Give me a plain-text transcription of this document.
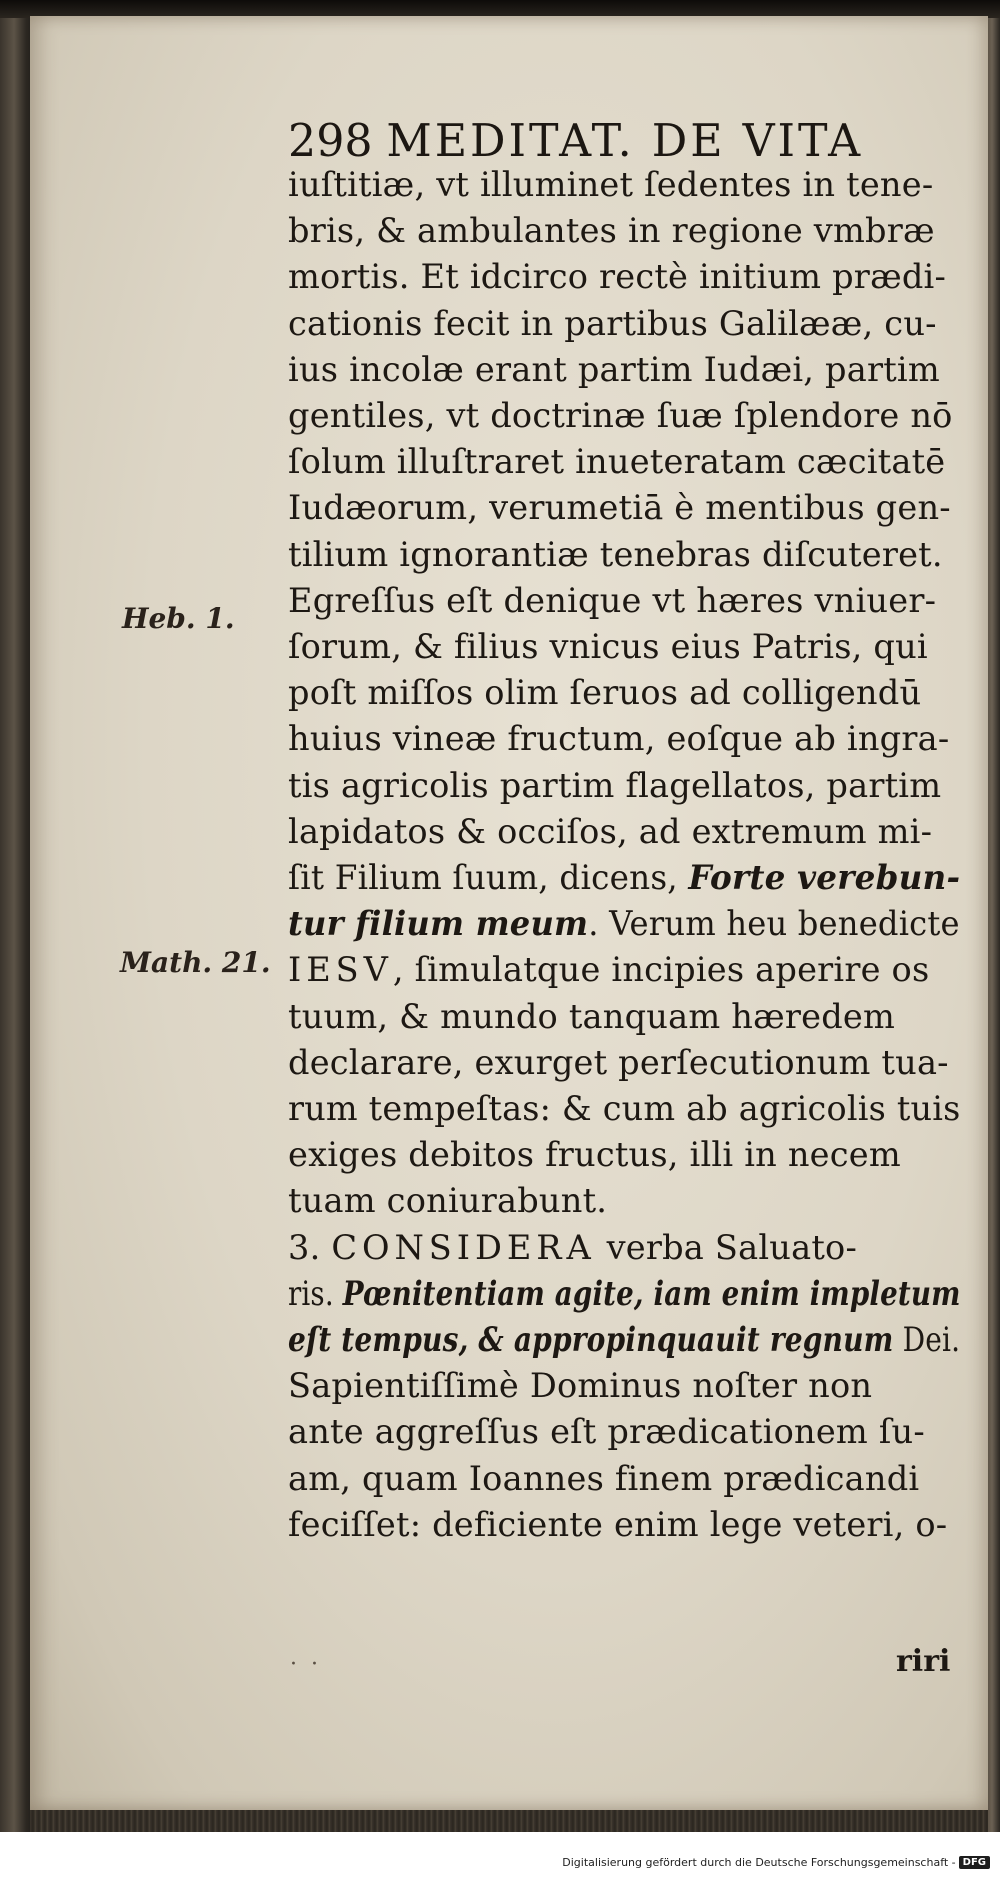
298 MEDITAT. DE VITA
iuſtitiæ, vt illuminet ſedentes in tene-
bris, & ambulantes in regione vmbræ
mortis. Et idcirco rectè initium prædi-
cationis fecit in partibus Galilææ, cu-
ius incolæ erant partim Iudæi, partim
gentiles, vt doctrinæ ſuæ ſplendore nō
ſolum illuſtraret inueteratam cæcitatē
Iudæorum, verumetiā è mentibus gen-
tilium ignorantiæ tenebras diſcuteret.
Egreſſus eſt denique vt hæres vniuer-
ſorum, & filius vnicus eius Patris, qui
poſt miſſos olim ſeruos ad colligendū
huius vineæ fructum, eoſque ab ingra-
tis agricolis partim flagellatos, partim
lapidatos & occiſos, ad extremum mi-
ſit Filium ſuum, dicens, Forte verebun-
tur filium meum. Verum heu benedicte
IESV, ſimulatque incipies aperire os
tuum, & mundo tanquam hæredem
declarare, exurget perſecutionum tua-
rum tempeſtas: & cum ab agricolis tuis
exiges debitos fructus, illi in necem
tuam coniurabunt.
3. CONSIDERA verba Saluato-
ris. Pœnitentiam agite, iam enim impletum
eſt tempus, & appropinquauit regnum Dei.
Sapientiſſimè Dominus noſter non
ante aggreſſus eſt prædicationem ſu-
am, quam Ioannes finem prædicandi
feciſſet: deficiente enim lege veteri, o-
Heb. 1.
Math. 21.
·  ·	riri
Digitalisierung gefördert durch die Deutsche Forschungsgemeinschaft - DFG
